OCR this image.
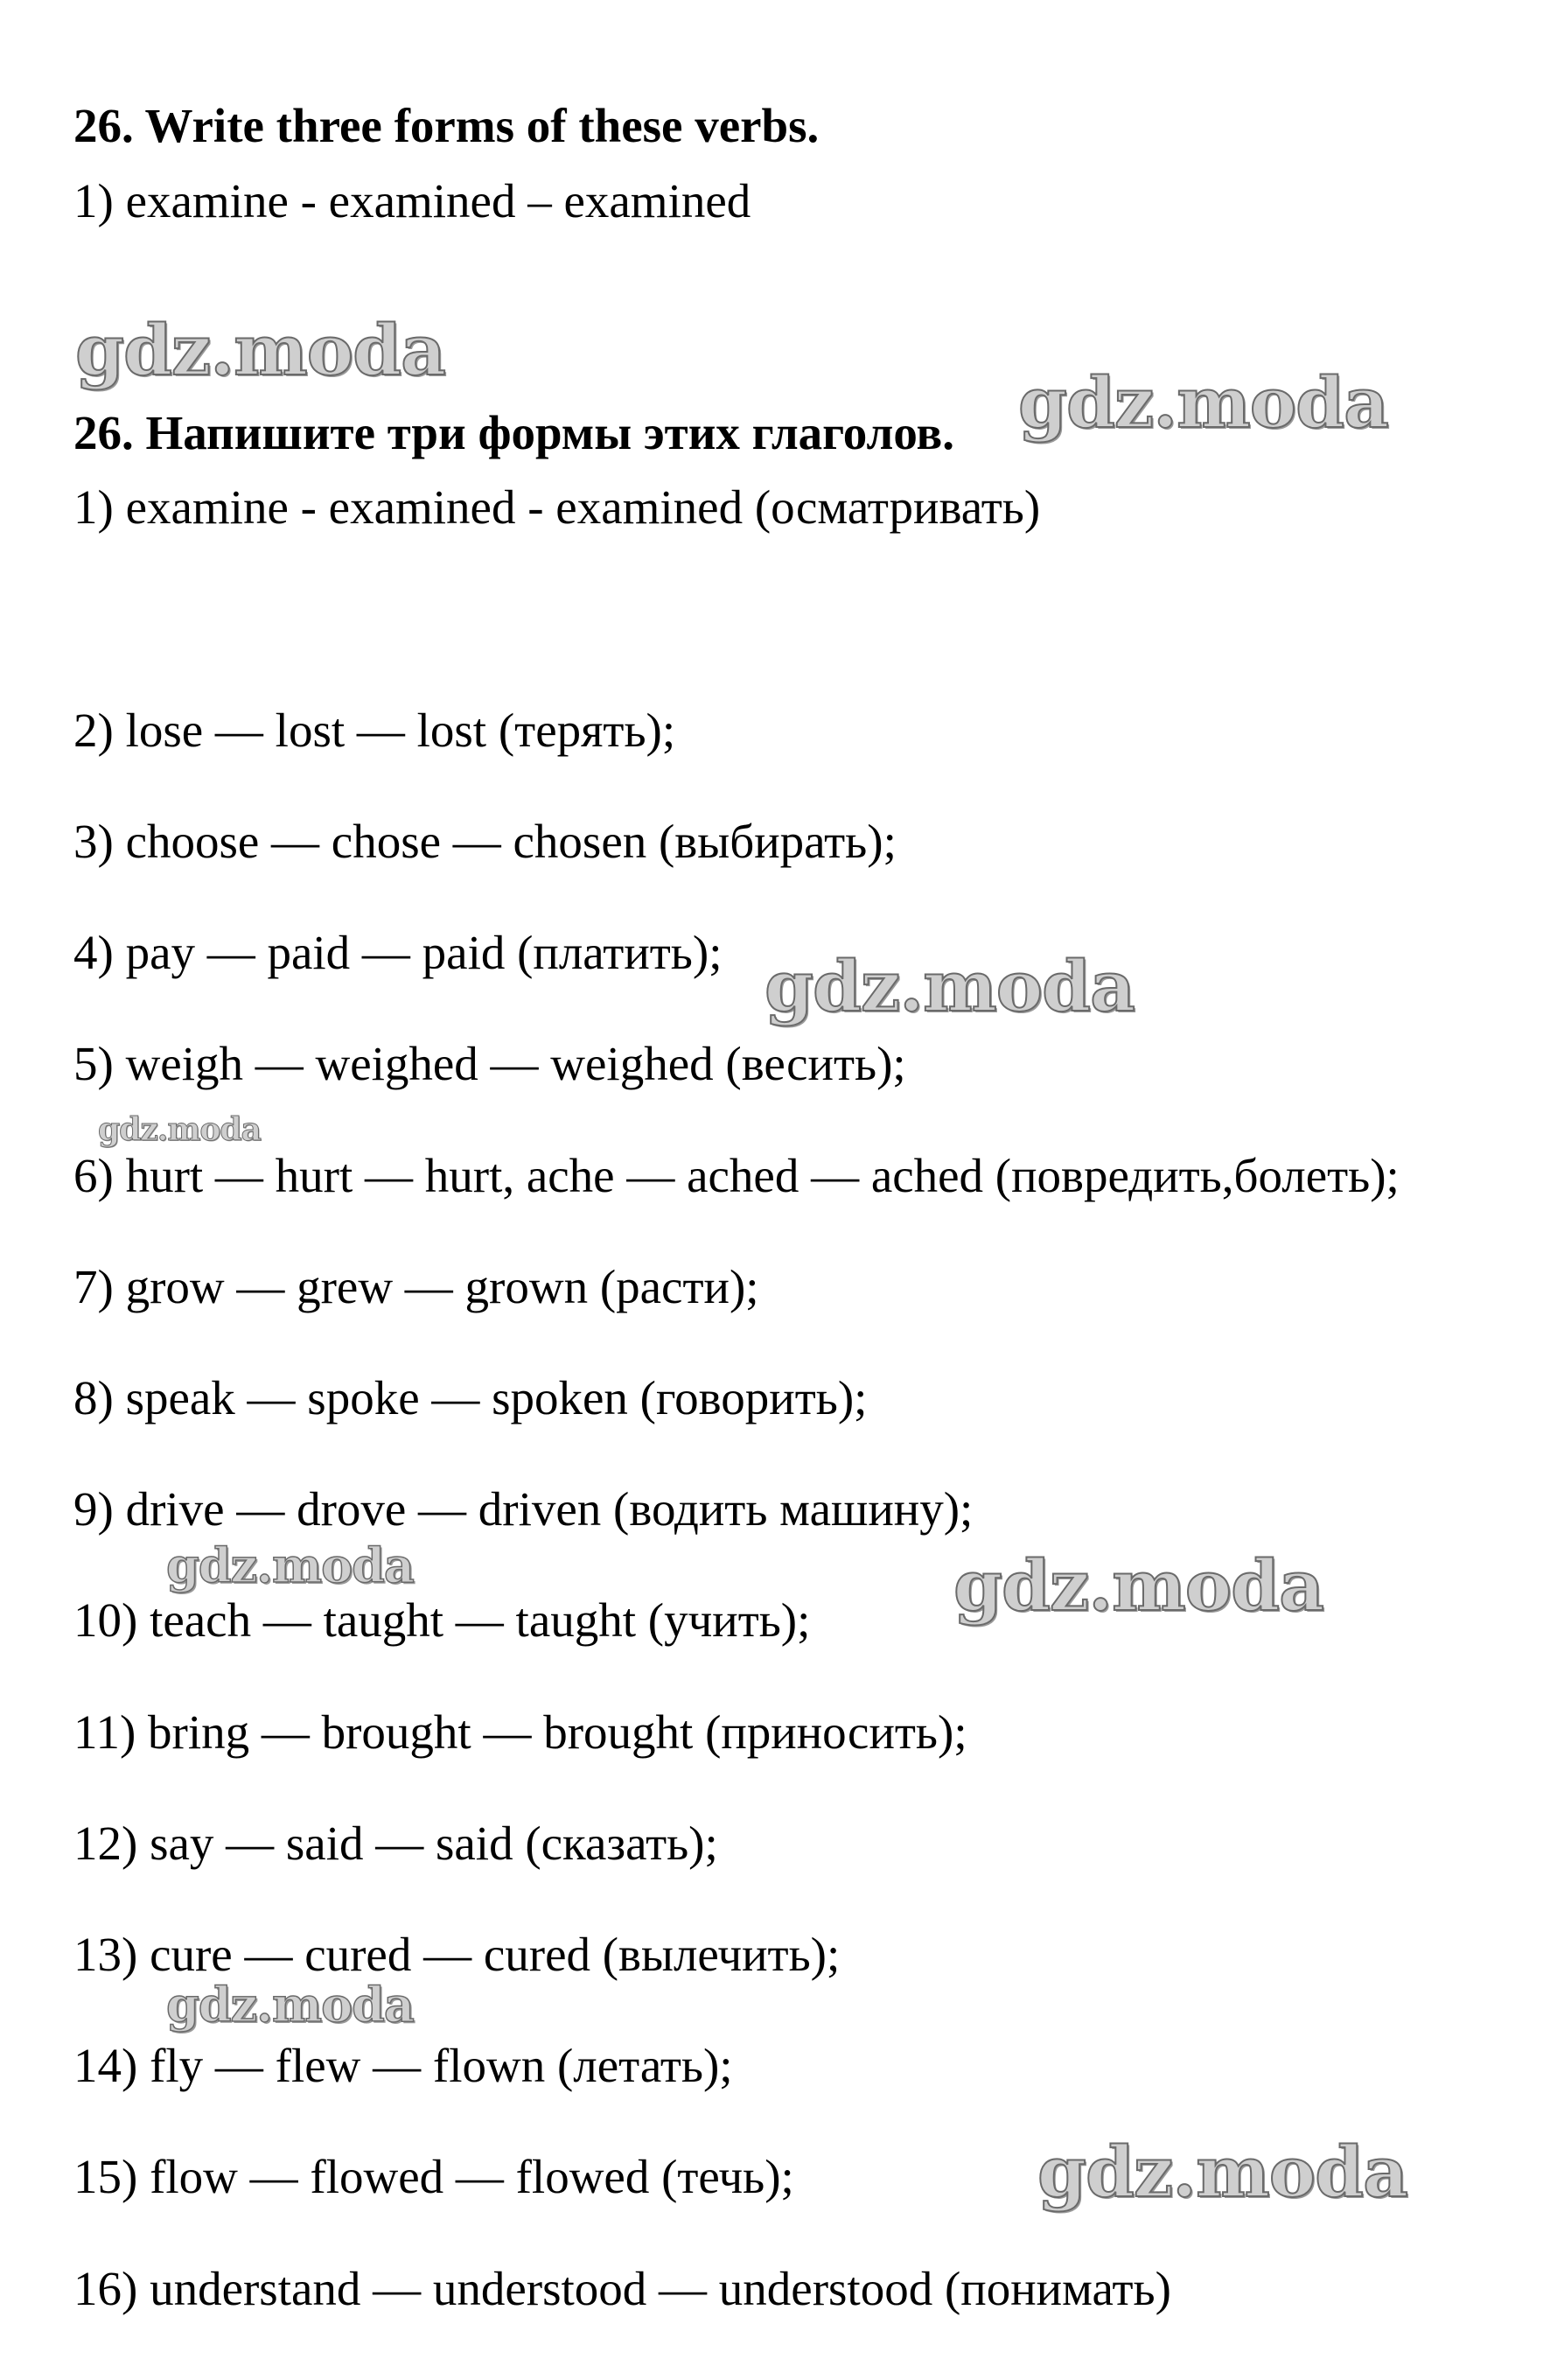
26. Write three forms of these verbs.
1) examine - examined – examined
26. Напишите три формы этих глаголов.
1) examine - examined - examined (осматривать)
2) lose — lost — lost (терять);
3) choose — chose — chosen (выбирать);
4) pay — paid — paid (платить);
5) weigh — weighed — weighed (весить);
6) hurt — hurt — hurt, ache — ached — ached (повредить,болеть);
7) grow — grew — grown (расти);
8) speak — spoke — spoken (говорить);
9) drive — drove — driven (водить машину);
10) teach — taught — taught (учить);
11) bring — brought — brought (приносить);
12) say — said — said (сказать);
13) cure — cured — cured (вылечить);
14) fly — flew — flown (летать);
15) flow — flowed — flowed (течь);
16) understand — understood — understood (понимать)
gdz.moda
gdz.moda
gdz.moda
gdz.moda
gdz.moda	gdz.moda
gdz.moda
gdz.moda
